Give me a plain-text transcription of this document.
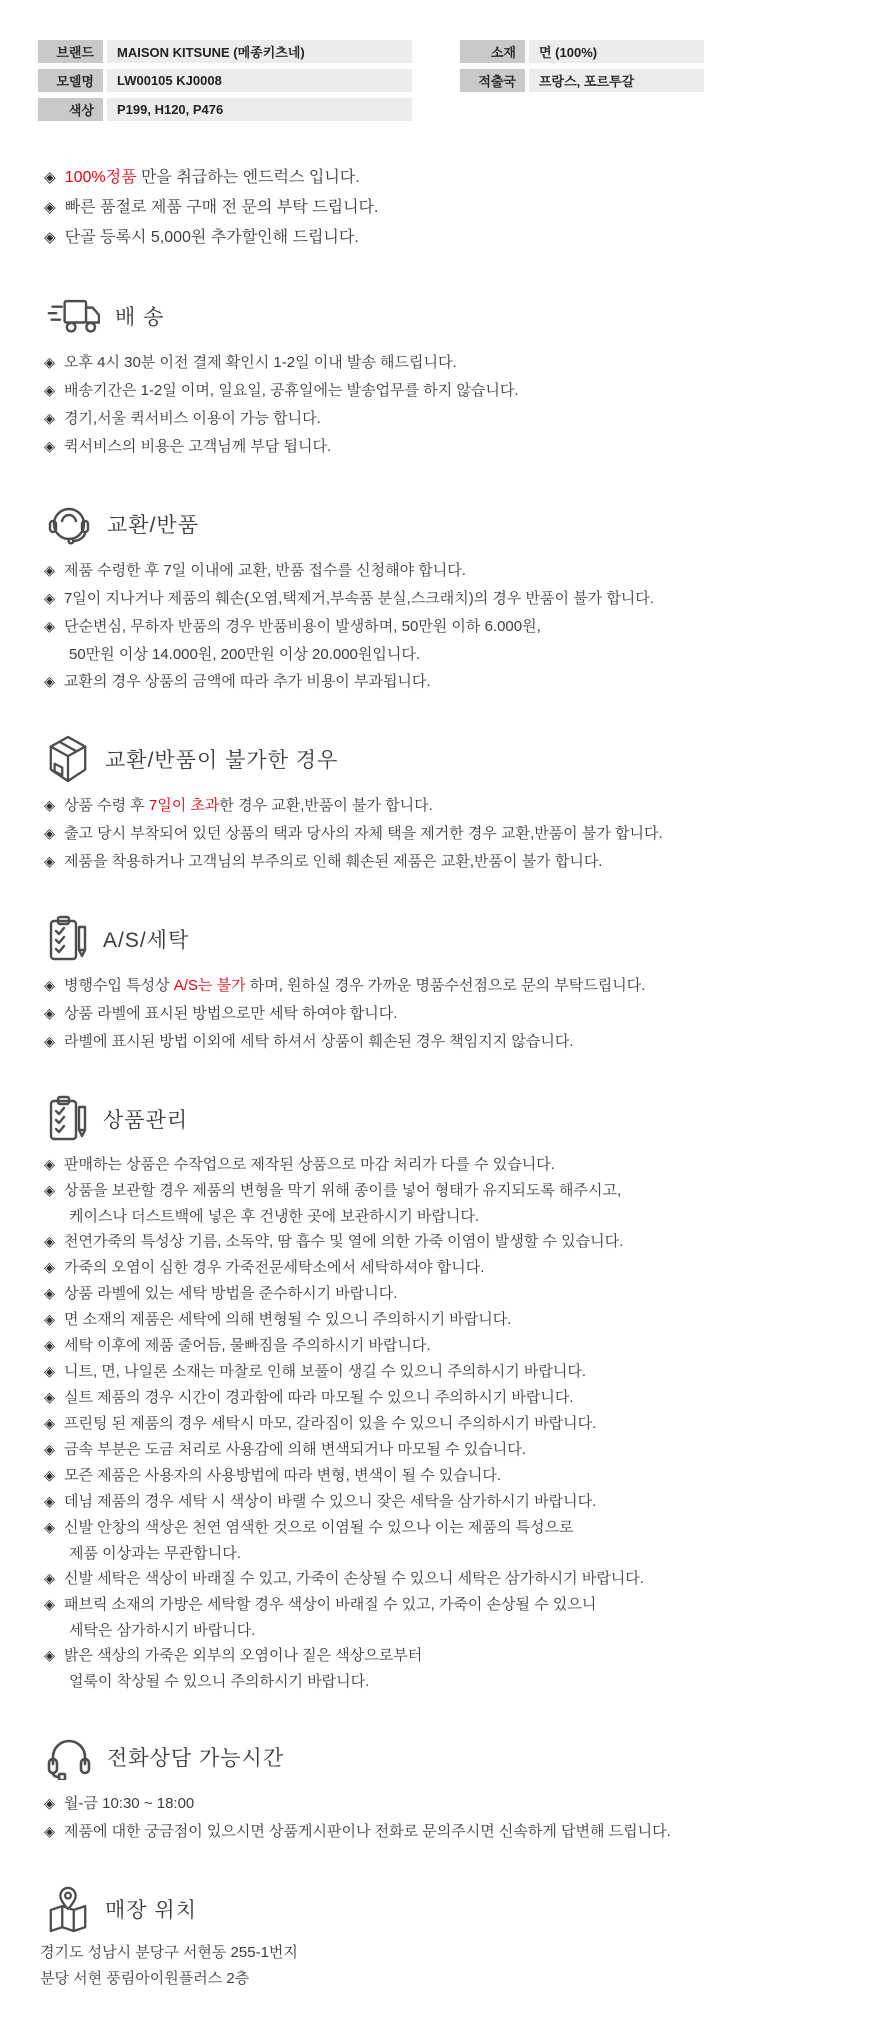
브랜드	MAISON KITSUNE (메종키츠네)
모델명	LW00105 KJ0008
색상	P199, H120, P476
소재	면 (100%)
적출국	프랑스, 포르투갈
◈ 100%정품 만을 취급하는 엔드럭스 입니다.
◈ 빠른 품절로 제품 구매 전 문의 부탁 드립니다.
◈ 단골 등록시 5,000원 추가할인해 드립니다.
배 송
◈ 오후 4시 30분 이전 결제 확인시 1-2일 이내 발송 해드립니다.
◈ 배송기간은 1-2일 이며, 일요일, 공휴일에는 발송업무를 하지 않습니다.
◈ 경기,서울 퀵서비스 이용이 가능 합니다.
◈ 퀵서비스의 비용은 고객님께 부담 됩니다.
교환/반품
◈ 제품 수령한 후 7일 이내에 교환, 반품 접수를 신청해야 합니다.
◈ 7일이 지나거나 제품의 훼손(오염,택제거,부속품 분실,스크래치)의 경우 반품이 불가 합니다.
◈ 단순변심, 무하자 반품의 경우 반품비용이 발생하며, 50만원 이하 6.000원,
50만원 이상 14.000원, 200만원 이상 20.000원입니다.
◈ 교환의 경우 상품의 금액에 따라 추가 비용이 부과됩니다.
교환/반품이 불가한 경우
◈ 상품 수령 후 7일이 초과한 경우 교환,반품이 불가 합니다.
◈ 출고 당시 부착되어 있던 상품의 택과 당사의 자체 택을 제거한 경우 교환,반품이 불가 합니다.
◈ 제품을 착용하거나 고객님의 부주의로 인해 훼손된 제품은 교환,반품이 불가 합니다.
A/S/세탁
◈ 병행수입 특성상 A/S는 불가 하며, 원하실 경우 가까운 명품수선점으로 문의 부탁드립니다.
◈ 상품 라벨에 표시된 방법으로만 세탁 하여야 합니다.
◈ 라벨에 표시된 방법 이외에 세탁 하셔서 상품이 훼손된 경우 책임지지 않습니다.
상품관리
◈ 판매하는 상품은 수작업으로 제작된 상품으로 마감 처리가 다를 수 있습니다.
◈ 상품을 보관할 경우 제품의 변형을 막기 위해 종이를 넣어 형태가 유지되도록 해주시고,
케이스나 더스트백에 넣은 후 건냉한 곳에 보관하시기 바랍니다.
◈ 천연가죽의 특성상 기름, 소독약, 땀 흡수 및 열에 의한 가죽 이염이 발생할 수 있습니다.
◈ 가죽의 오염이 심한 경우 가죽전문세탁소에서 세탁하셔야 합니다.
◈ 상품 라벨에 있는 세탁 방법을 준수하시기 바랍니다.
◈ 면 소재의 제품은 세탁에 의해 변형될 수 있으니 주의하시기 바랍니다.
◈ 세탁 이후에 제품 줄어듬, 물빠짐을 주의하시기 바랍니다.
◈ 니트, 면, 나일론 소재는 마찰로 인해 보풀이 생길 수 있으니 주의하시기 바랍니다.
◈ 실트 제품의 경우 시간이 경과함에 따라 마모될 수 있으니 주의하시기 바랍니다.
◈ 프린팅 된 제품의 경우 세탁시 마모, 갈라짐이 있을 수 있으니 주의하시기 바랍니다.
◈ 금속 부분은 도금 처리로 사용감에 의해 변색되거나 마모될 수 있습니다.
◈ 모즌 제품은 사용자의 사용방법에 따라 변형, 변색이 될 수 있습니다.
◈ 데님 제품의 경우 세탁 시 색상이 바랠 수 있으니 잦은 세탁을 삼가하시기 바랍니다.
◈ 신발 안창의 색상은 천연 염색한 것으로 이염될 수 있으나 이는 제품의 특성으로
제품 이상과는 무관합니다.
◈ 신발 세탁은 색상이 바래질 수 있고, 가죽이 손상될 수 있으니 세탁은 삼가하시기 바랍니다.
◈ 패브릭 소재의 가방은 세탁할 경우 색상이 바래질 수 있고, 가죽이 손상될 수 있으니
세탁은 삼가하시기 바랍니다.
◈ 밝은 색상의 가죽은 외부의 오염이나 짙은 색상으로부터
얼룩이 착상될 수 있으니 주의하시기 바랍니다.
전화상담 가능시간
◈ 월-금 10:30 ~ 18:00
◈ 제품에 대한 궁금점이 있으시면 상품게시판이나 전화로 문의주시면 신속하게 답변해 드립니다.
매장 위치
경기도 성남시 분당구 서현동 255-1번지
분당 서현 풍림아이원플러스 2층
